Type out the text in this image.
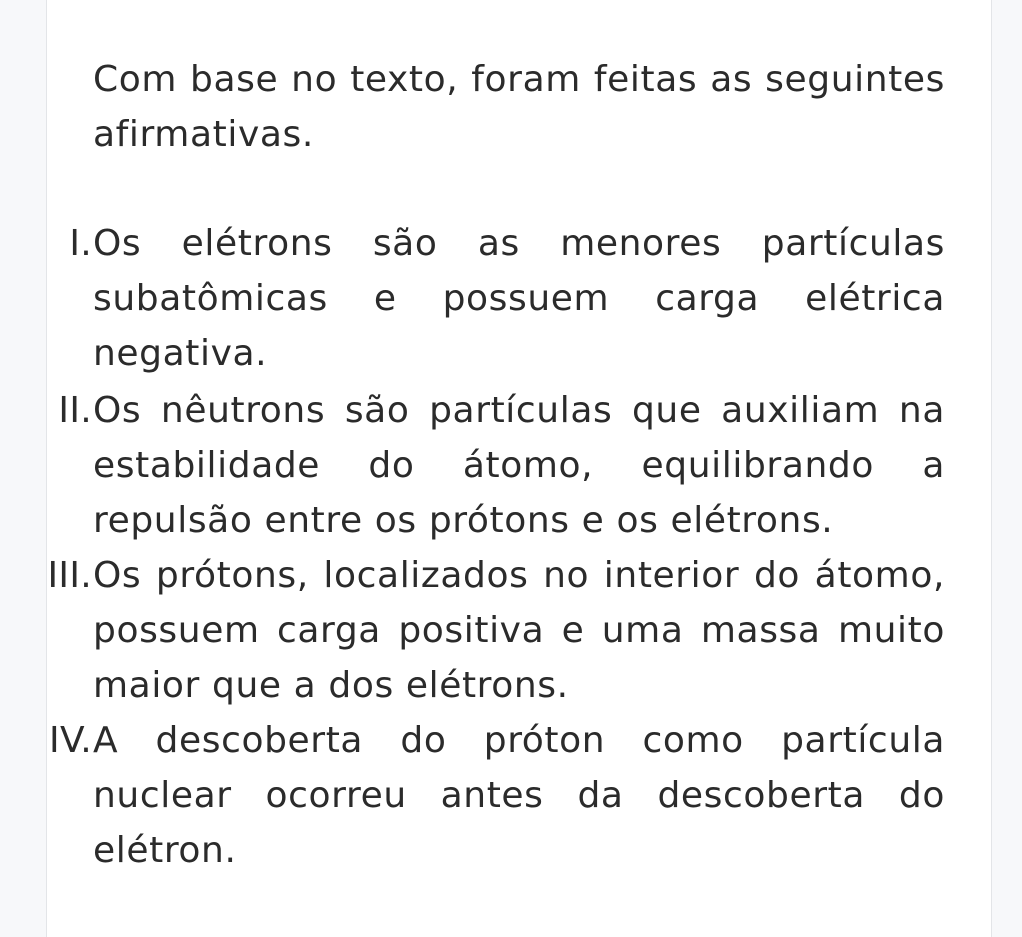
Com base no texto, foram feitas as seguintes afirmativas.
I. Os elétrons são as menores partículas subatômicas e possuem carga elétrica negativa.
II. Os nêutrons são partículas que auxiliam na estabilidade do átomo, equilibrando a repulsão entre os prótons e os elétrons.
III. Os prótons, localizados no interior do átomo, possuem carga positiva e uma massa muito maior que a dos elétrons.
IV. A descoberta do próton como partícula nuclear ocorreu antes da descoberta do elétron.
